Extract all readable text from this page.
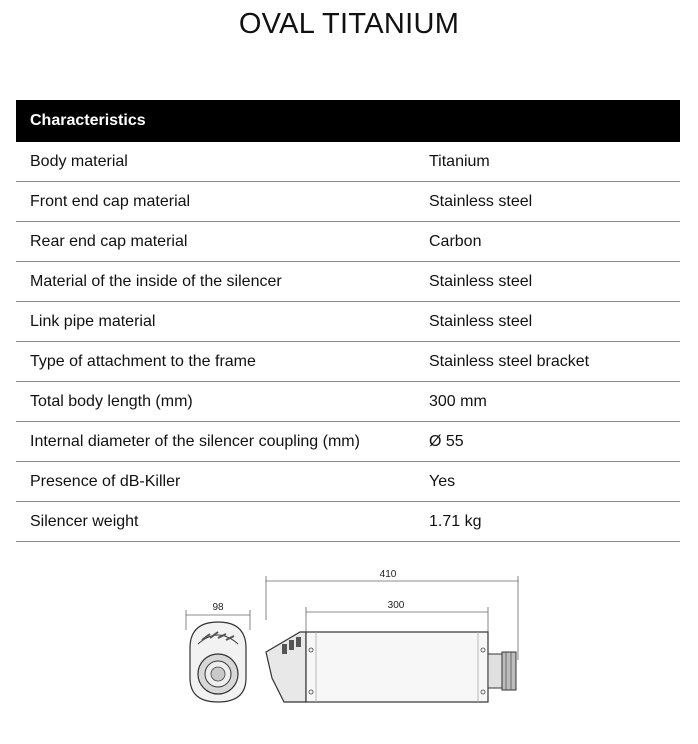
OVAL TITANIUM
Characteristics
Body material	Titanium
Front end cap material	Stainless steel
Rear end cap material	Carbon
Material of the inside of the silencer	Stainless steel
Link pipe material	Stainless steel
Type of attachment to the frame	Stainless steel bracket
Total body length (mm)	300 mm
Internal diameter of the silencer coupling (mm)	Ø 55
Presence of dB-Killer	Yes
Silencer weight	1.71 kg
98
410
300
